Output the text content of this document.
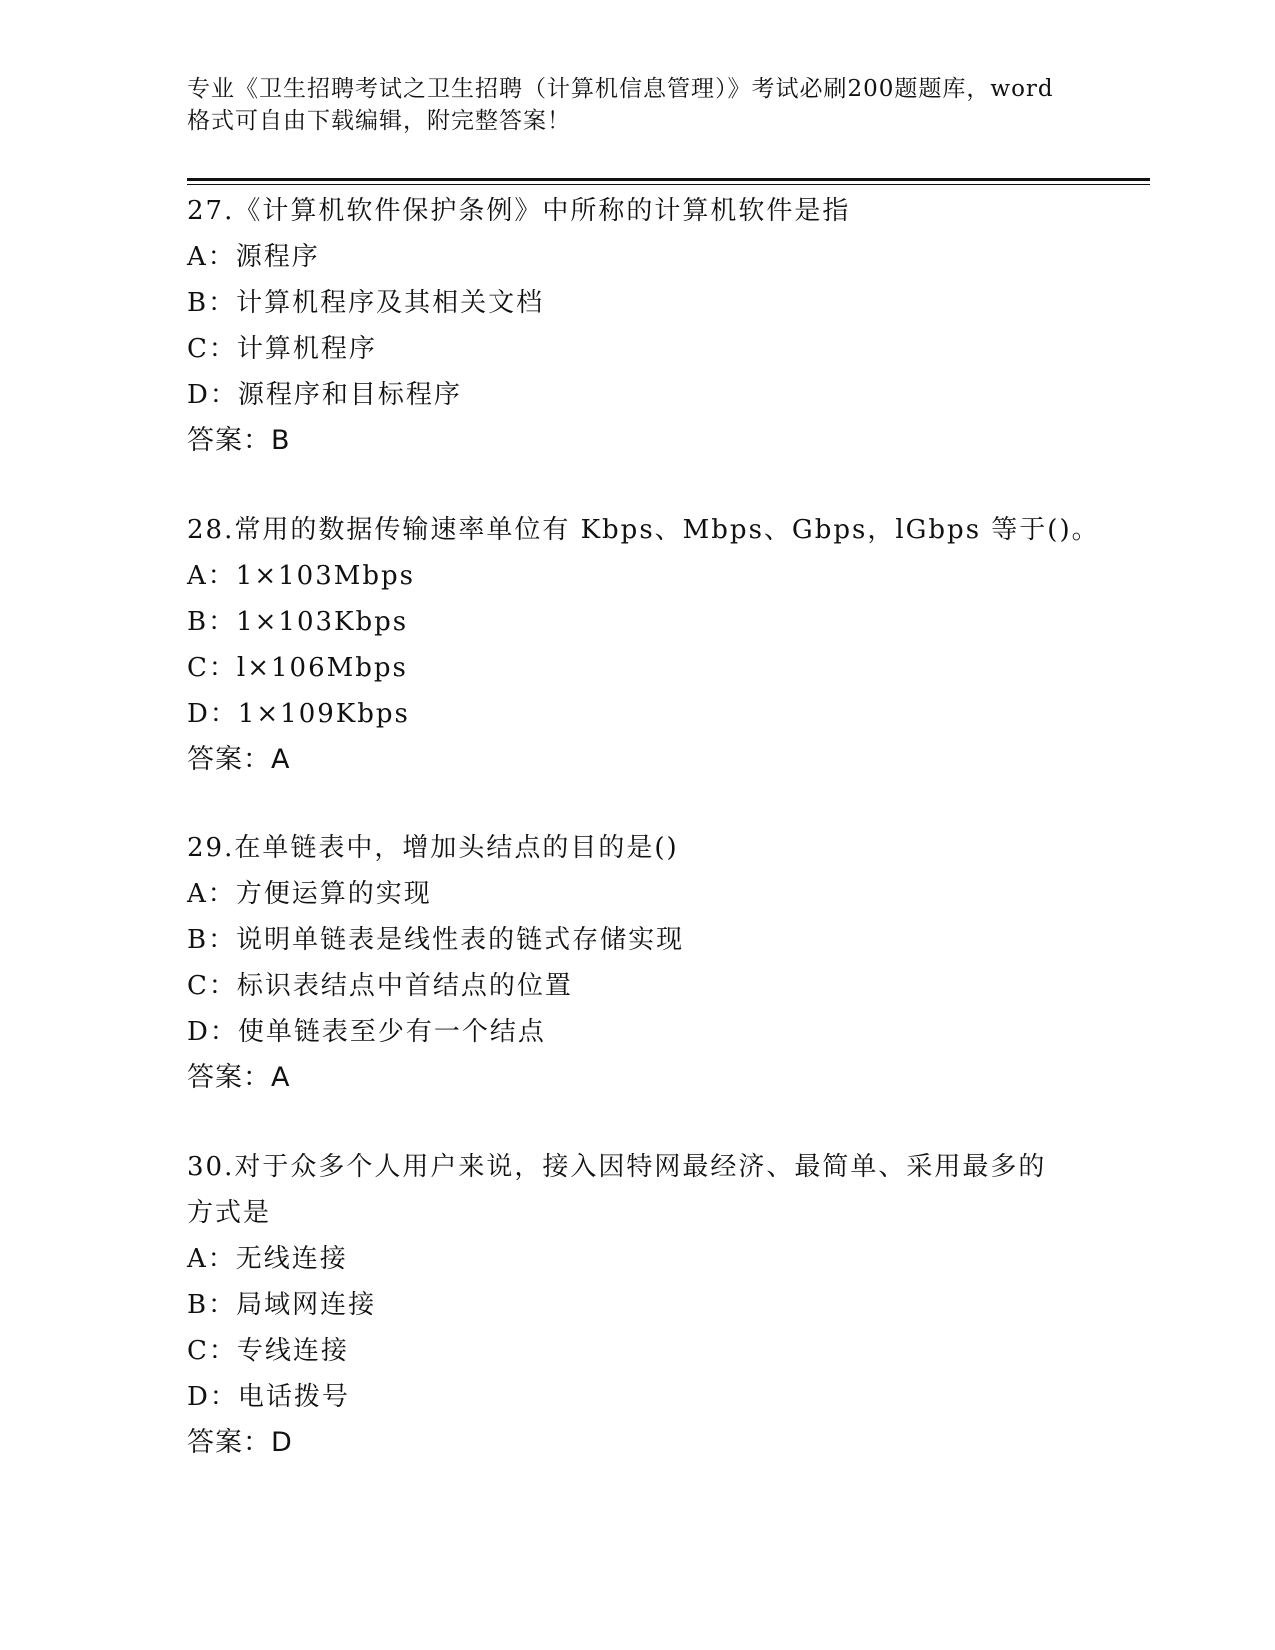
专业《卫生招聘考试之卫生招聘（计算机信息管理）》考试必刷200题题库，word
格式可自由下载编辑，附完整答案！
27.《计算机软件保护条例》中所称的计算机软件是指
A：源程序
B：计算机程序及其相关文档
C：计算机程序
D：源程序和目标程序
答案：B
28.常用的数据传输速率单位有 Kbps、Mbps、Gbps，lGbps 等于()。
A：1×103Mbps
B：1×103Kbps
C：l×106Mbps
D：1×109Kbps
答案：A
29.在单链表中，增加头结点的目的是()
A：方便运算的实现
B：说明单链表是线性表的链式存储实现
C：标识表结点中首结点的位置
D：使单链表至少有一个结点
答案：A
30.对于众多个人用户来说，接入因特网最经济、最简单、采用最多的方式是
A：无线连接
B：局域网连接
C：专线连接
D：电话拨号
答案：D
